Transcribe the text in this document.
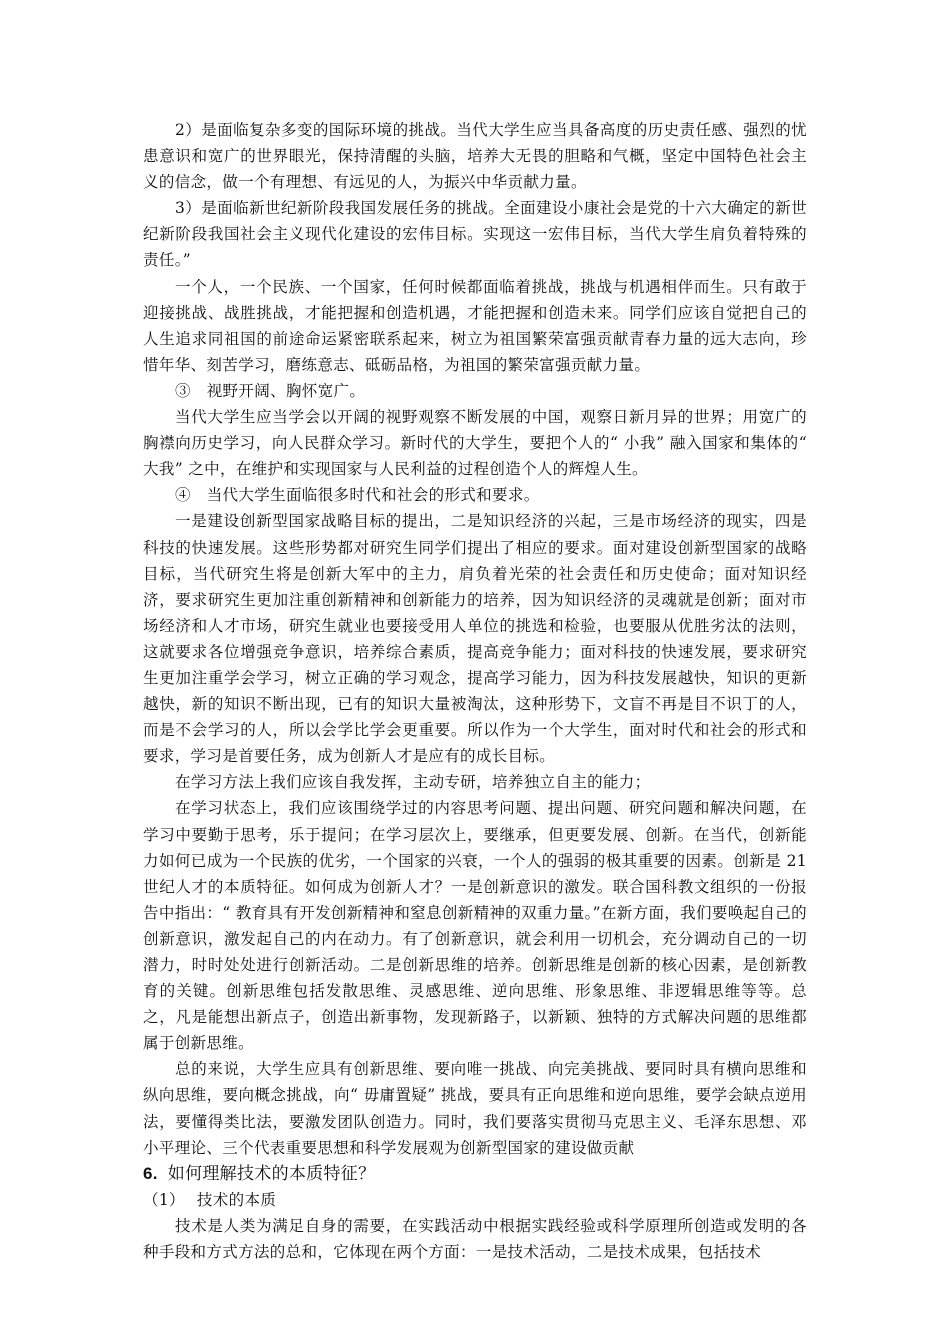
2）是面临复杂多变的国际环境的挑战。当代大学生应当具备高度的历史责任感、强烈的忧患意识和宽广的世界眼光，保持清醒的头脑，培养大无畏的胆略和气概，坚定中国特色社会主义的信念，做一个有理想、有远见的人，为振兴中华贡献力量。

3）是面临新世纪新阶段我国发展任务的挑战。全面建设小康社会是党的十六大确定的新世纪新阶段我国社会主义现代化建设的宏伟目标。实现这一宏伟目标，当代大学生肩负着特殊的责任。”

一个人，一个民族、一个国家，任何时候都面临着挑战，挑战与机遇相伴而生。只有敢于迎接挑战、战胜挑战，才能把握和创造机遇，才能把握和创造未来。同学们应该自觉把自己的人生追求同祖国的前途命运紧密联系起来，树立为祖国繁荣富强贡献青春力量的远大志向，珍惜年华、刻苦学习，磨练意志、砥砺品格，为祖国的繁荣富强贡献力量。

③　视野开阔、胸怀宽广。

当代大学生应当学会以开阔的视野观察不断发展的中国，观察日新月异的世界；用宽广的胸襟向历史学习，向人民群众学习。新时代的大学生，要把个人的“ 小我” 融入国家和集体的“ 大我” 之中，在维护和实现国家与人民利益的过程创造个人的辉煌人生。

④　当代大学生面临很多时代和社会的形式和要求。

一是建设创新型国家战略目标的提出，二是知识经济的兴起，三是市场经济的现实，四是科技的快速发展。这些形势都对研究生同学们提出了相应的要求。面对建设创新型国家的战略目标，当代研究生将是创新大军中的主力，肩负着光荣的社会责任和历史使命；面对知识经济，要求研究生更加注重创新精神和创新能力的培养，因为知识经济的灵魂就是创新；面对市场经济和人才市场，研究生就业也要接受用人单位的挑选和检验，也要服从优胜劣汰的法则，这就要求各位增强竞争意识，培养综合素质，提高竞争能力；面对科技的快速发展，要求研究生更加注重学会学习，树立正确的学习观念，提高学习能力，因为科技发展越快，知识的更新越快，新的知识不断出现，已有的知识大量被淘汰，这种形势下，文盲不再是目不识丁的人，而是不会学习的人，所以会学比学会更重要。所以作为一个大学生，面对时代和社会的形式和要求，学习是首要任务，成为创新人才是应有的成长目标。

在学习方法上我们应该自我发挥，主动专研，培养独立自主的能力；

在学习状态上，我们应该围绕学过的内容思考问题、提出问题、研究问题和解决问题，在学习中要勤于思考，乐于提问；在学习层次上，要继承，但更要发展、创新。在当代，创新能力如何已成为一个民族的优劣，一个国家的兴衰，一个人的强弱的极其重要的因素。创新是 21 世纪人才的本质特征。如何成为创新人才？一是创新意识的激发。联合国科教文组织的一份报告中指出：“ 教育具有开发创新精神和窒息创新精神的双重力量。”在新方面，我们要唤起自己的创新意识，激发起自己的内在动力。有了创新意识，就会利用一切机会，充分调动自己的一切潜力，时时处处进行创新活动。二是创新思维的培养。创新思维是创新的核心因素，是创新教育的关键。创新思维包括发散思维、灵感思维、逆向思维、形象思维、非逻辑思维等等。总之，凡是能想出新点子，创造出新事物，发现新路子，以新颖、独特的方式解决问题的思维都属于创新思维。

总的来说，大学生应具有创新思维、要向唯一挑战、向完美挑战、要同时具有横向思维和纵向思维，要向概念挑战，向“ 毋庸置疑” 挑战，要具有正向思维和逆向思维，要学会缺点逆用法，要懂得类比法，要激发团队创造力。同时，我们要落实贯彻马克思主义、毛泽东思想、邓小平理论、三个代表重要思想和科学发展观为创新型国家的建设做贡献

6. 如何理解技术的本质特征？

（1） 技术的本质

技术是人类为满足自身的需要，在实践活动中根据实践经验或科学原理所创造或发明的各种手段和方式方法的总和，它体现在两个方面：一是技术活动，二是技术成果，包括技术
